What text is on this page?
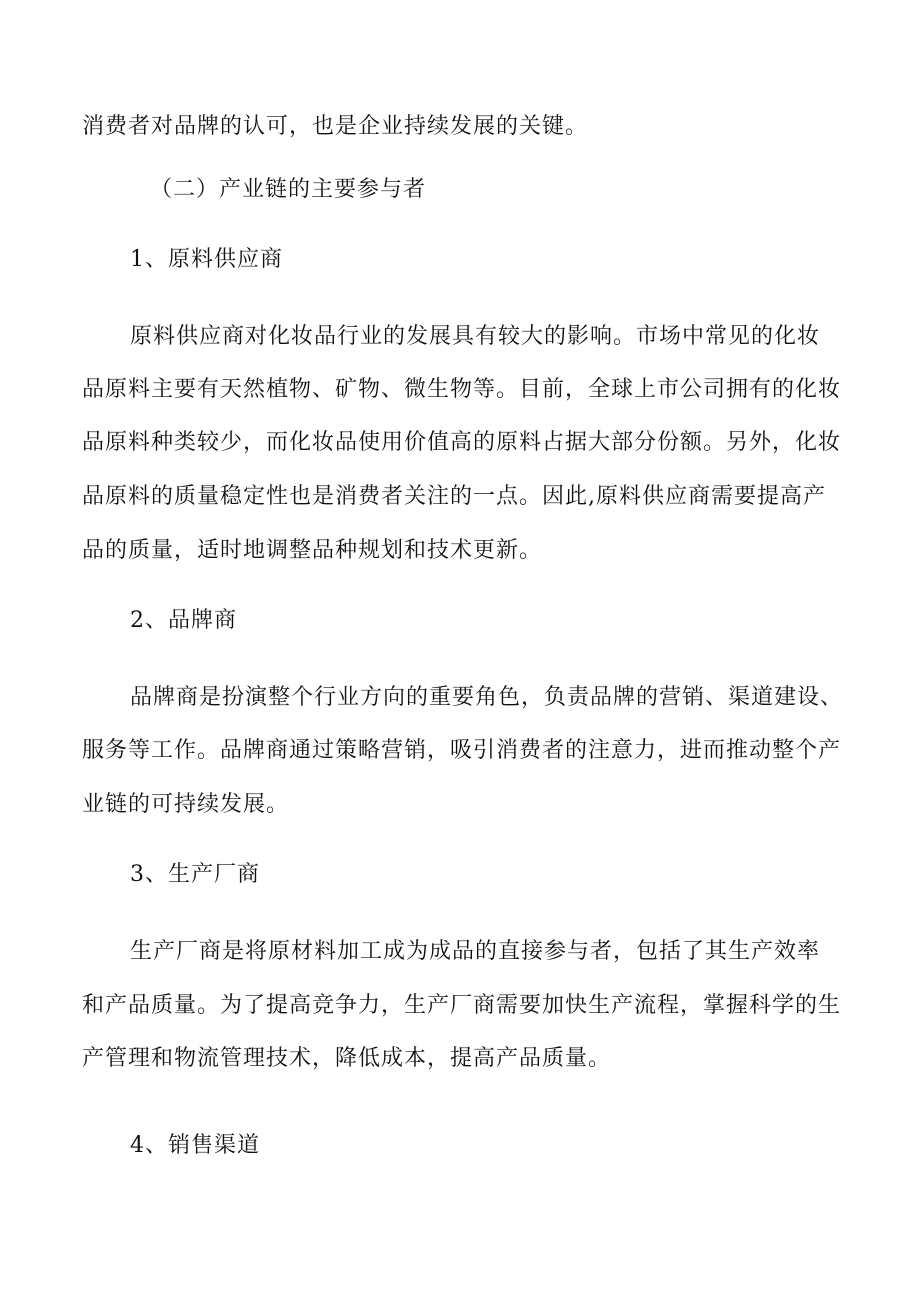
消费者对品牌的认可，也是企业持续发展的关键。
（二）产业链的主要参与者
1、原料供应商
原料供应商对化妆品行业的发展具有较大的影响。市场中常见的化妆
品原料主要有天然植物、矿物、微生物等。目前，全球上市公司拥有的化妆
品原料种类较少，而化妆品使用价值高的原料占据大部分份额。另外，化妆
品原料的质量稳定性也是消费者关注的一点。因此,原料供应商需要提高产
品的质量，适时地调整品种规划和技术更新。
2、品牌商
品牌商是扮演整个行业方向的重要角色，负责品牌的营销、渠道建设、
服务等工作。品牌商通过策略营销，吸引消费者的注意力，进而推动整个产
业链的可持续发展。
3、生产厂商
生产厂商是将原材料加工成为成品的直接参与者，包括了其生产效率
和产品质量。为了提高竞争力，生产厂商需要加快生产流程，掌握科学的生
产管理和物流管理技术，降低成本，提高产品质量。
4、销售渠道
